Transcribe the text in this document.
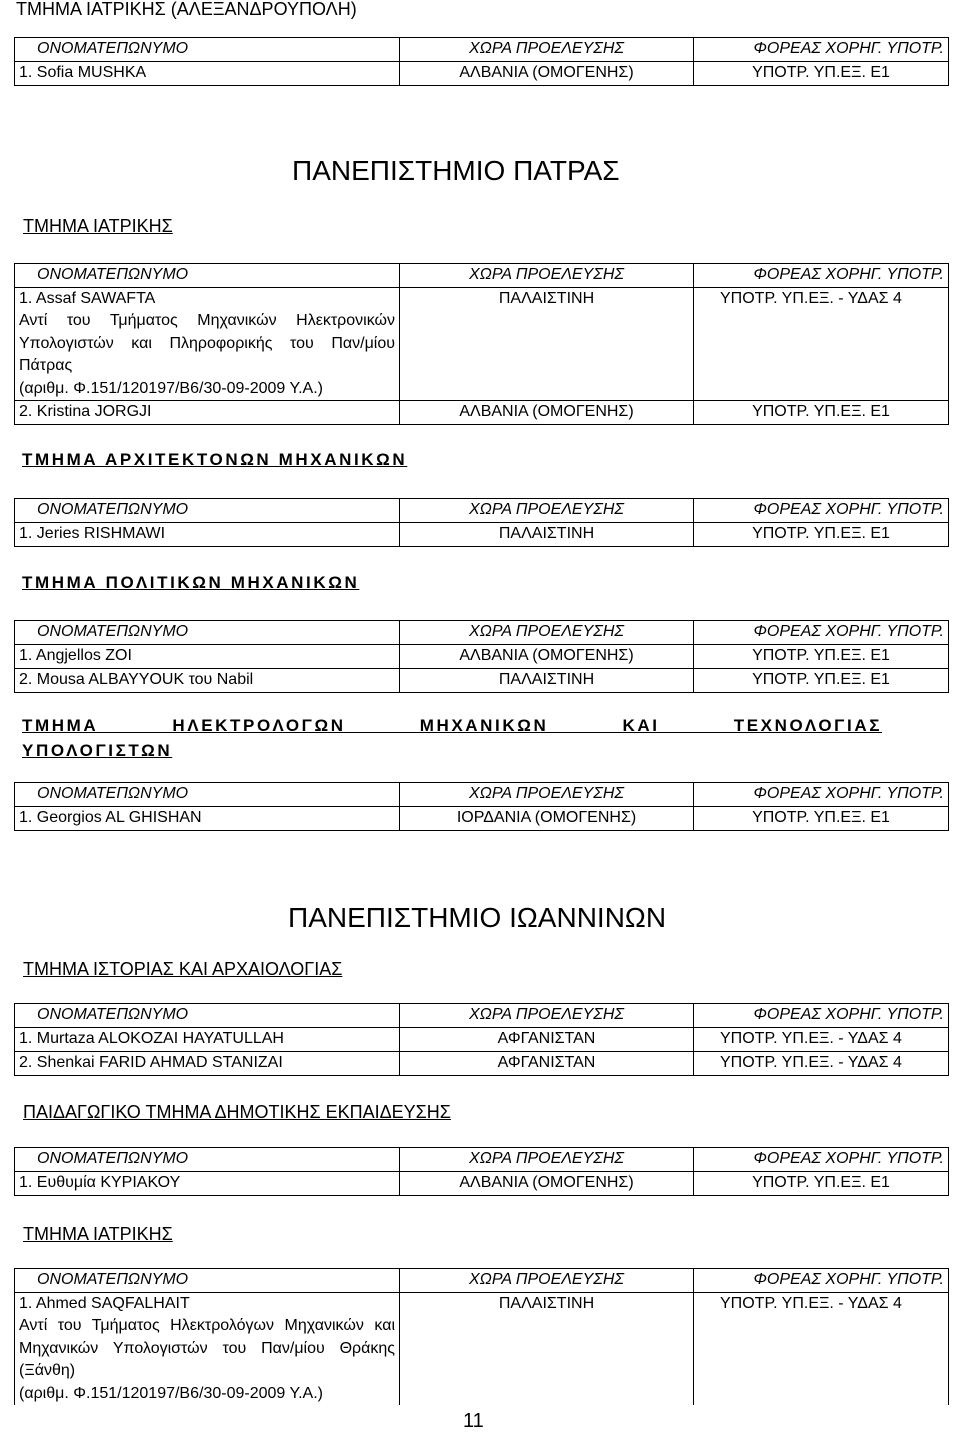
ΤΜΗΜΑ ΙΑΤΡΙΚΗΣ (ΑΛΕΞΑΝΔΡΟΥΠΟΛΗ)
ΟΝΟΜΑΤΕΠΩΝΥΜΟ	ΧΩΡΑ ΠΡΟΕΛΕΥΣΗΣ	ΦΟΡΕΑΣ ΧΟΡΗΓ. ΥΠΟΤΡ.
1. Sofia MUSHKA	ΑΛΒΑΝΙΑ (ΟΜΟΓΕΝΗΣ)	ΥΠΟΤΡ. ΥΠ.ΕΞ. Ε1
ΠΑΝΕΠΙΣΤΗΜΙΟ ΠΑΤΡΑΣ
ΤΜΗΜΑ ΙΑΤΡΙΚΗΣ
ΟΝΟΜΑΤΕΠΩΝΥΜΟ	ΧΩΡΑ ΠΡΟΕΛΕΥΣΗΣ	ΦΟΡΕΑΣ ΧΟΡΗΓ. ΥΠΟΤΡ.

1. Assaf SAWAFTA
Αντί του Τμήματος Μηχανικών Ηλεκτρονικών Υπολογιστών και Πληροφορικής του Παν/μίου Πάτρας
(αριθμ. Φ.151/120197/Β6/30-09-2009 Υ.Α.)	ΠΑΛΑΙΣΤΙΝΗ	ΥΠΟΤΡ. ΥΠ.ΕΞ. - ΥΔΑΣ 4
2. Kristina JORGJI	ΑΛΒΑΝΙΑ (ΟΜΟΓΕΝΗΣ)	ΥΠΟΤΡ. ΥΠ.ΕΞ. Ε1
ΤΜΗΜΑ ΑΡΧΙΤΕΚΤΟΝΩΝ ΜΗΧΑΝΙΚΩΝ
ΟΝΟΜΑΤΕΠΩΝΥΜΟ	ΧΩΡΑ ΠΡΟΕΛΕΥΣΗΣ	ΦΟΡΕΑΣ ΧΟΡΗΓ. ΥΠΟΤΡ.
1. Jeries RISHMAWI	ΠΑΛΑΙΣΤΙΝΗ	ΥΠΟΤΡ. ΥΠ.ΕΞ. Ε1
ΤΜΗΜΑ ΠΟΛΙΤΙΚΩΝ ΜΗΧΑΝΙΚΩΝ
ΟΝΟΜΑΤΕΠΩΝΥΜΟ	ΧΩΡΑ ΠΡΟΕΛΕΥΣΗΣ	ΦΟΡΕΑΣ ΧΟΡΗΓ. ΥΠΟΤΡ.
1. Angjellos ZOI	ΑΛΒΑΝΙΑ (ΟΜΟΓΕΝΗΣ)	ΥΠΟΤΡ. ΥΠ.ΕΞ. Ε1
2. Mousa ALBAYYOUK του Nabil	ΠΑΛΑΙΣΤΙΝΗ	ΥΠΟΤΡ. ΥΠ.ΕΞ. Ε1
ΤΜΗΜΑ ΗΛΕΚΤΡΟΛΟΓΩΝ ΜΗΧΑΝΙΚΩΝ ΚΑΙ ΤΕΧΝΟΛΟΓΙΑΣ
ΥΠΟΛΟΓΙΣΤΩΝ
ΟΝΟΜΑΤΕΠΩΝΥΜΟ	ΧΩΡΑ ΠΡΟΕΛΕΥΣΗΣ	ΦΟΡΕΑΣ ΧΟΡΗΓ. ΥΠΟΤΡ.
1. Georgios AL GHISHAN	ΙΟΡΔΑΝΙΑ (ΟΜΟΓΕΝΗΣ)	ΥΠΟΤΡ. ΥΠ.ΕΞ. Ε1
ΠΑΝΕΠΙΣΤΗΜΙΟ ΙΩΑΝΝΙΝΩΝ
ΤΜΗΜΑ ΙΣΤΟΡΙΑΣ ΚΑΙ ΑΡΧΑΙΟΛΟΓΙΑΣ
ΟΝΟΜΑΤΕΠΩΝΥΜΟ	ΧΩΡΑ ΠΡΟΕΛΕΥΣΗΣ	ΦΟΡΕΑΣ ΧΟΡΗΓ. ΥΠΟΤΡ.
1. Murtaza ALOKOZAI HAYATULLAH	ΑΦΓΑΝΙΣΤΑΝ	ΥΠΟΤΡ. ΥΠ.ΕΞ. - ΥΔΑΣ 4
2. Shenkai FARID AHMAD STANIZAI	ΑΦΓΑΝΙΣΤΑΝ	ΥΠΟΤΡ. ΥΠ.ΕΞ. - ΥΔΑΣ 4
ΠΑΙΔΑΓΩΓΙΚΟ ΤΜΗΜΑ ΔΗΜΟΤΙΚΗΣ ΕΚΠΑΙΔΕΥΣΗΣ
ΟΝΟΜΑΤΕΠΩΝΥΜΟ	ΧΩΡΑ ΠΡΟΕΛΕΥΣΗΣ	ΦΟΡΕΑΣ ΧΟΡΗΓ. ΥΠΟΤΡ.
1. Ευθυμία ΚΥΡΙΑΚΟΥ	ΑΛΒΑΝΙΑ (ΟΜΟΓΕΝΗΣ)	ΥΠΟΤΡ. ΥΠ.ΕΞ. Ε1
ΤΜΗΜΑ ΙΑΤΡΙΚΗΣ
ΟΝΟΜΑΤΕΠΩΝΥΜΟ	ΧΩΡΑ ΠΡΟΕΛΕΥΣΗΣ	ΦΟΡΕΑΣ ΧΟΡΗΓ. ΥΠΟΤΡ.

1. Ahmed SAQFALHAIT
Αντί του Τμήματος Ηλεκτρολόγων Μηχανικών και Μηχανικών Υπολογιστών του Παν/μίου Θράκης (Ξάνθη)
(αριθμ. Φ.151/120197/Β6/30-09-2009 Υ.Α.)	ΠΑΛΑΙΣΤΙΝΗ	ΥΠΟΤΡ. ΥΠ.ΕΞ. - ΥΔΑΣ 4
11
